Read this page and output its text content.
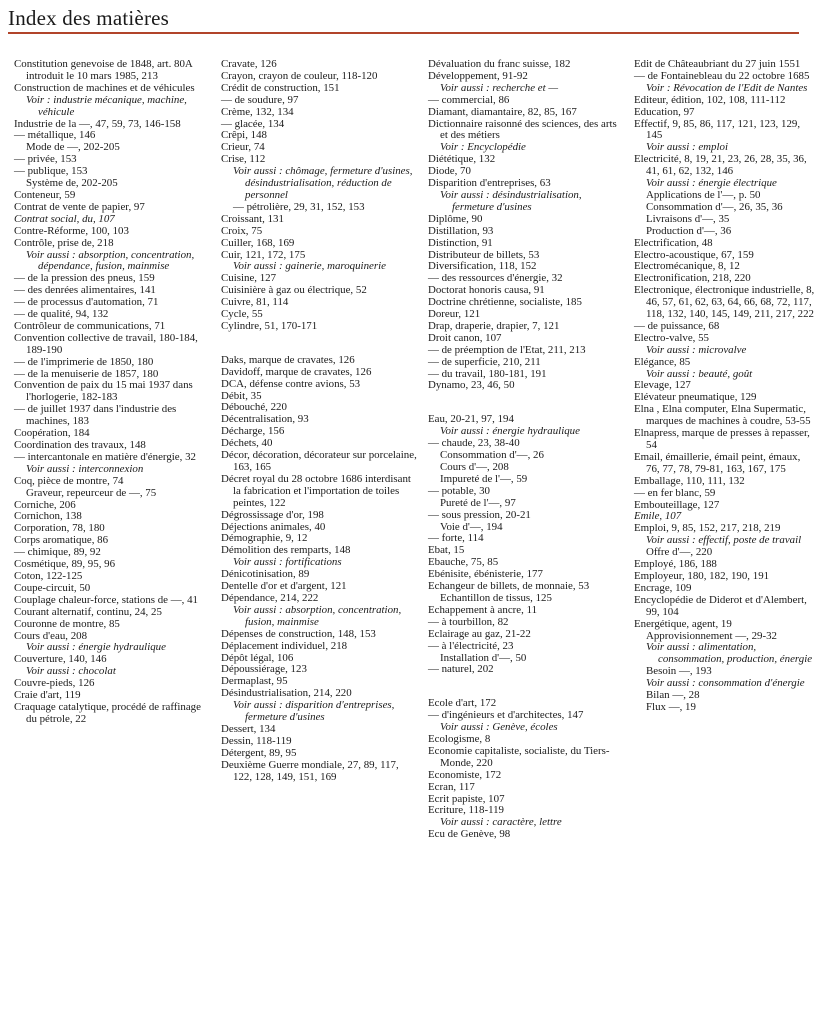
Index des matières
Constitution genevoise de 1848, art. 80A introduit le 10 mars 1985, 213
Construction de machines et de véhicules
Voir : industrie mécanique, machine, véhicule
Industrie de la —, 47, 59, 73, 146-158
— métallique, 146
Mode de —, 202-205
— privée, 153
— publique, 153
Système de, 202-205
Conteneur, 59
Contrat de vente de papier, 97
Contrat social, du, 107
Contre-Réforme, 100, 103
Contrôle, prise de, 218
Voir aussi : absorption, concentration, dépendance, fusion, mainmise
— de la pression des pneus, 159
— des denrées alimentaires, 141
— de processus d'automation, 71
— de qualité, 94, 132
Contrôleur de communications, 71
Convention collective de travail, 180-184, 189-190
— de l'imprimerie de 1850, 180
— de la menuiserie de 1857, 180
Convention de paix du 15 mai 1937 dans l'horlogerie, 182-183
— de juillet 1937 dans l'industrie des machines, 183
Coopération, 184
Coordination des travaux, 148
— intercantonale en matière d'énergie, 32
Voir aussi : interconnexion
Coq, pièce de montre, 74
Graveur, repeurceur de —, 75
Corniche, 206
Cornichon, 138
Corporation, 78, 180
Corps aromatique, 86
— chimique, 89, 92
Cosmétique, 89, 95, 96
Coton, 122-125
Coupe-circuit, 50
Couplage chaleur-force, stations de —, 41
Courant alternatif, continu, 24, 25
Couronne de montre, 85
Cours d'eau, 208
Voir aussi : énergie hydraulique
Couverture, 140, 146
Voir aussi : chocolat
Couvre-pieds, 126
Craie d'art, 119
Craquage catalytique, procédé de raffinage du pétrole, 22
Cravate, 126
Crayon, crayon de couleur, 118-120
Crédit de construction, 151
— de soudure, 97
Crème, 132, 134
— glacée, 134
Crêpi, 148
Crieur, 74
Crise, 112
Voir aussi : chômage, fermeture d'usines, désindustrialisation, réduction de personnel
— pétrolière, 29, 31, 152, 153
Croissant, 131
Croix, 75
Cuiller, 168, 169
Cuir, 121, 172, 175
Voir aussi : gainerie, maroquinerie
Cuisine, 127
Cuisinière à gaz ou électrique, 52
Cuivre, 81, 114
Cycle, 55
Cylindre, 51, 170-171
Daks, marque de cravates, 126
Davidoff, marque de cravates, 126
DCA, défense contre avions, 53
Débit, 35
Débouché, 220
Décentralisation, 93
Décharge, 156
Déchets, 40
Décor, décoration, décorateur sur porcelaine, 163, 165
Décret royal du 28 octobre 1686 interdisant la fabrication et l'importation de toiles peintes, 122
Dégrossissage d'or, 198
Déjections animales, 40
Démographie, 9, 12
Démolition des remparts, 148
Voir aussi : fortifications
Dénicotinisation, 89
Dentelle d'or et d'argent, 121
Dépendance, 214, 222
Voir aussi : absorption, concentration, fusion, mainmise
Dépenses de construction, 148, 153
Déplacement individuel, 218
Dépôt légal, 106
Dépoussiérage, 123
Dermaplast, 95
Désindustrialisation, 214, 220
Voir aussi : disparition d'entreprises, fermeture d'usines
Dessert, 134
Dessin, 118-119
Détergent, 89, 95
Deuxième Guerre mondiale, 27, 89, 117, 122, 128, 149, 151, 169
Dévaluation du franc suisse, 182
Développement, 91-92
Voir aussi : recherche et —
— commercial, 86
Diamant, diamantaire, 82, 85, 167
Dictionnaire raisonné des sciences, des arts et des métiers
Voir : Encyclopédie
Diététique, 132
Diode, 70
Disparition d'entreprises, 63
Voir aussi : désindustrialisation, fermeture d'usines
Diplôme, 90
Distillation, 93
Distinction, 91
Distributeur de billets, 53
Diversification, 118, 152
— des ressources d'énergie, 32
Doctorat honoris causa, 91
Doctrine chrétienne, socialiste, 185
Doreur, 121
Drap, draperie, drapier, 7, 121
Droit canon, 107
— de préemption de l'Etat, 211, 213
— de superficie, 210, 211
— du travail, 180-181, 191
Dynamo, 23, 46, 50
Eau, 20-21, 97, 194
Voir aussi : énergie hydraulique
— chaude, 23, 38-40
Consommation d'—, 26
Cours d'—, 208
Impureté de l'—, 59
— potable, 30
Pureté de l'—, 97
— sous pression, 20-21
Voie d'—, 194
— forte, 114
Ebat, 15
Ebauche, 75, 85
Ebénisite, ébénisterie, 177
Echangeur de billets, de monnaie, 53
Echantillon de tissus, 125
Echappement à ancre, 11
— à tourbillon, 82
Eclairage au gaz, 21-22
— à l'électricité, 23
Installation d'—, 50
— naturel, 202
Ecole d'art, 172
— d'ingénieurs et d'architectes, 147
Voir aussi : Genève, écoles
Ecologisme, 8
Economie capitaliste, socialiste, du Tiers-Monde, 220
Economiste, 172
Ecran, 117
Ecrit papiste, 107
Ecriture, 118-119
Voir aussi : caractère, lettre
Ecu de Genève, 98
Edit de Châteaubriant du 27 juin 1551
— de Fontainebleau du 22 octobre 1685
Voir : Révocation de l'Edit de Nantes
Editeur, édition, 102, 108, 111-112
Education, 97
Effectif, 9, 85, 86, 117, 121, 123, 129, 145
Voir aussi : emploi
Electricité, 8, 19, 21, 23, 26, 28, 35, 36, 41, 61, 62, 132, 146
Voir aussi : énergie électrique
Applications de l'—, p. 50
Consommation d'—, 26, 35, 36
Livraisons d'—, 35
Production d'—, 36
Electrification, 48
Electro-acoustique, 67, 159
Electromécanique, 8, 12
Electronification, 218, 220
Electronique, électronique industrielle, 8, 46, 57, 61, 62, 63, 64, 66, 68, 72, 117, 118, 132, 140, 145, 149, 211, 217, 222
— de puissance, 68
Electro-valve, 55
Voir aussi : microvalve
Elégance, 85
Voir aussi : beauté, goût
Elevage, 127
Elévateur pneumatique, 129
Elna , Elna computer, Elna Supermatic, marques de machines à coudre, 53-55
Elnapress, marque de presses à repasser, 54
Email, émaillerie, émail peint, émaux, 76, 77, 78, 79-81, 163, 167, 175
Emballage, 110, 111, 132
— en fer blanc, 59
Embouteillage, 127
Emile, 107
Emploi, 9, 85, 152, 217, 218, 219
Voir aussi : effectif, poste de travail
Offre d'—, 220
Employé, 186, 188
Employeur, 180, 182, 190, 191
Encrage, 109
Encyclopédie de Diderot et d'Alembert, 99, 104
Energétique, agent, 19
Approvisionnement —, 29-32
Voir aussi : alimentation, consommation, production, énergie
Besoin —, 193
Voir aussi : consommation d'énergie
Bilan —, 28
Flux —, 19
